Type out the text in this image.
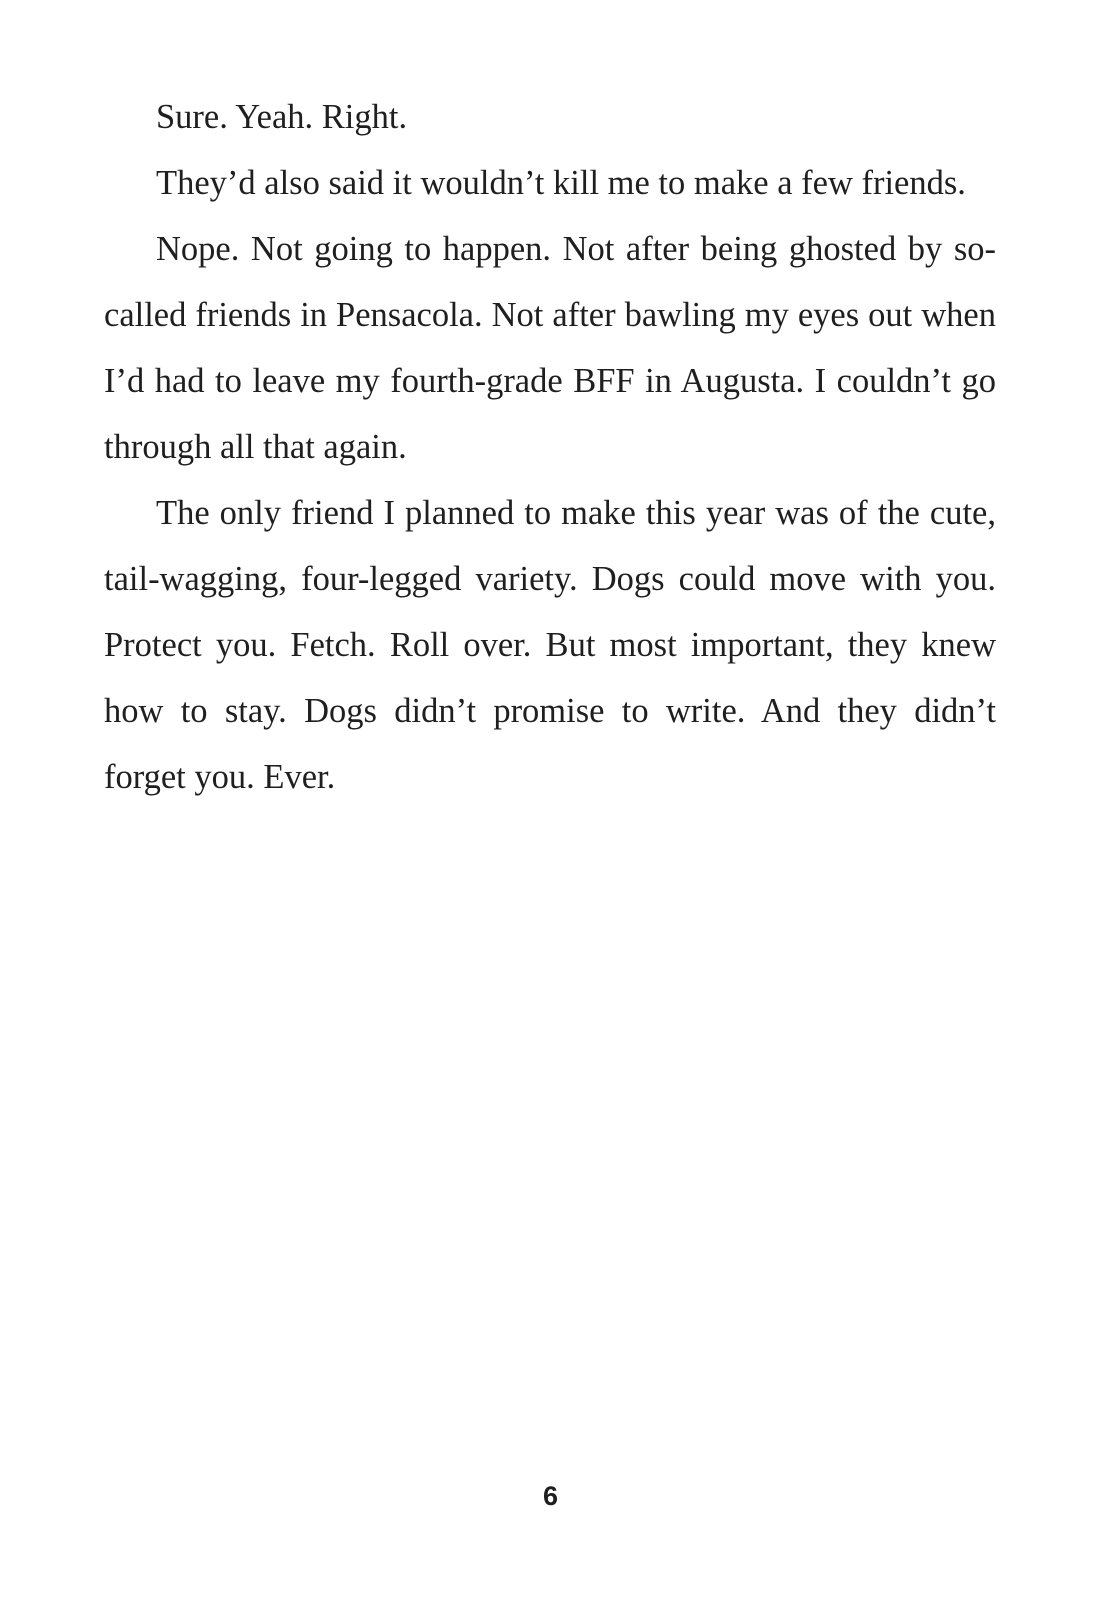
Sure. Yeah. Right.

They’d also said it wouldn’t kill me to make a few friends.

Nope. Not going to happen. Not after being ghosted by so-called friends in Pensacola. Not after bawling my eyes out when I’d had to leave my fourth-grade BFF in Augusta. I couldn’t go through all that again.

The only friend I planned to make this year was of the cute, tail-wagging, four-legged variety. Dogs could move with you. Protect you. Fetch. Roll over. But most important, they knew how to stay. Dogs didn’t promise to write. And they didn’t forget you. Ever.

6
